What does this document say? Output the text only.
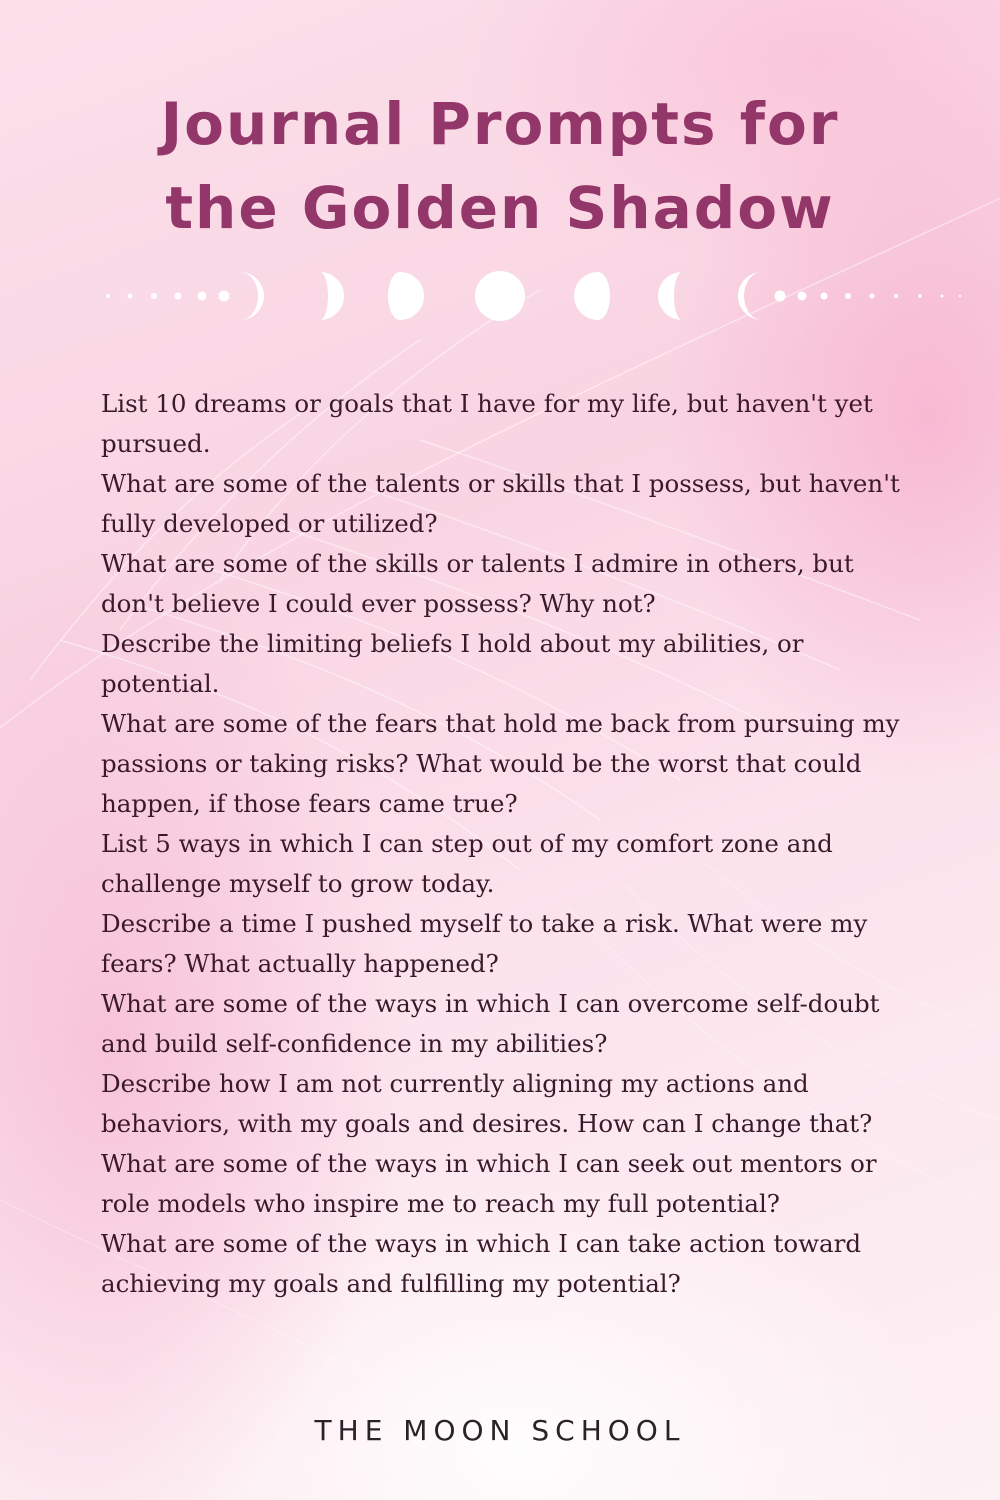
Journal Prompts for
the Golden Shadow
List 10 dreams or goals that I have for my life, but haven't yet pursued.
What are some of the talents or skills that I possess, but haven't fully developed or utilized?
What are some of the skills or talents I admire in others, but don't believe I could ever possess? Why not?
Describe the limiting beliefs I hold about my abilities, or potential.
What are some of the fears that hold me back from pursuing my passions or taking risks? What would be the worst that could happen, if those fears came true?
List 5 ways in which I can step out of my comfort zone and challenge myself to grow today.
Describe a time I pushed myself to take a risk. What were my fears? What actually happened?
What are some of the ways in which I can overcome self-doubt and build self-confidence in my abilities?
Describe how I am not currently aligning my actions and behaviors, with my goals and desires. How can I change that?
What are some of the ways in which I can seek out mentors or role models who inspire me to reach my full potential?
What are some of the ways in which I can take action toward achieving my goals and fulfilling my potential?
THE MOON SCHOOL
